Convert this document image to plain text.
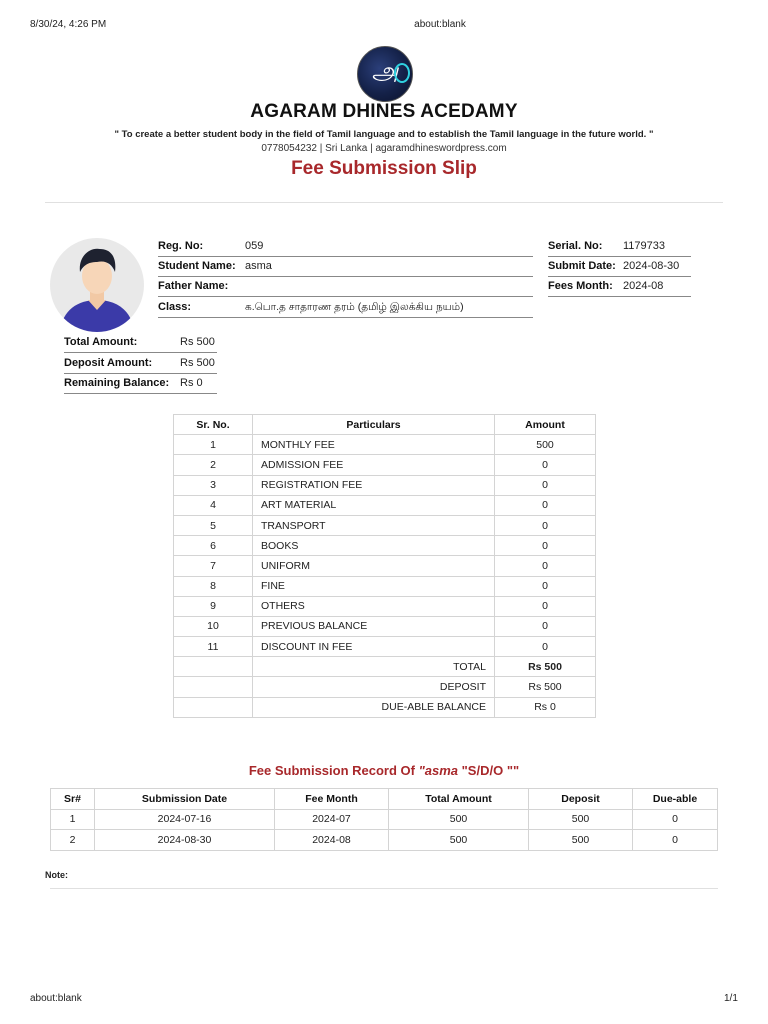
8/30/24, 4:26 PM	about:blank
about:blank	1/1
அ
AGARAM DHINES ACEDAMY
" To create a better student body in the field of Tamil language and to establish the Tamil language in the future world. "
0778054232 | Sri Lanka | agaramdhineswordpress.com
Fee Submission Slip
Reg. No:	059
Student Name: asma
Father Name:
Class:	க.பொ.த சாதாரண தரம் (தமிழ் இலக்கிய நயம்)
Serial. No: 1179733
Submit Date: 2024-08-30
Fees Month: 2024-08
Total Amount:	Rs 500
Deposit Amount:	Rs 500
Remaining Balance: Rs 0
Sr. No.	Particulars	Amount
1	MONTHLY FEE	500
2	ADMISSION FEE	0
3	REGISTRATION FEE	0
4	ART MATERIAL	0
5	TRANSPORT	0
6	BOOKS	0
7	UNIFORM	0
8	FINE	0
9	OTHERS	0
10	PREVIOUS BALANCE	0
11	DISCOUNT IN FEE	0
	TOTAL	Rs 500
	DEPOSIT	Rs 500
	DUE-ABLE BALANCE	Rs 0
Fee Submission Record Of "asma "S/D/O ""
Sr#	Submission Date	Fee Month	Total Amount	Deposit	Due-able
1	2024-07-16	2024-07	500	500	0
2	2024-08-30	2024-08	500	500	0
Note:
